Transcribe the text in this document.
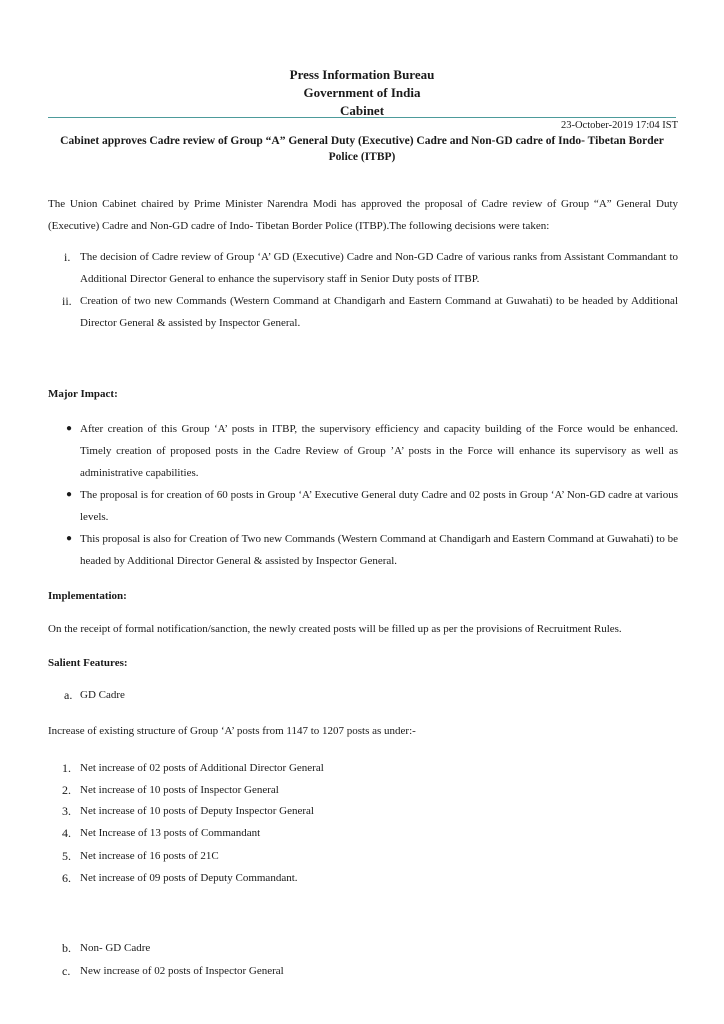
Press Information Bureau
Government of India
Cabinet
23-October-2019 17:04 IST
Cabinet approves Cadre review of Group “A” General Duty (Executive) Cadre and Non-GD cadre of Indo- Tibetan Border Police (ITBP)
The Union Cabinet chaired by Prime Minister Narendra Modi has approved the proposal of Cadre review of Group “A” General Duty (Executive) Cadre and Non-GD cadre of Indo- Tibetan Border Police (ITBP).The following decisions were taken:
i. The decision of Cadre review of Group ‘A’ GD (Executive) Cadre and Non-GD Cadre of various ranks from Assistant Commandant to Additional Director General to enhance the supervisory staff in Senior Duty posts of ITBP.
ii. Creation of two new Commands (Western Command at Chandigarh and Eastern Command at Guwahati) to be headed by Additional Director General & assisted by Inspector General.
Major Impact:
● After creation of this Group ‘A’ posts in ITBP, the supervisory efficiency and capacity building of the Force would be enhanced. Timely creation of proposed posts in the Cadre Review of Group ’A’ posts in the Force will enhance its supervisory as well as administrative capabilities.
● The proposal is for creation of 60 posts in Group ‘A’ Executive General duty Cadre and 02 posts in Group ‘A’ Non-GD cadre at various levels.
● This proposal is also for Creation of Two new Commands (Western Command at Chandigarh and Eastern Command at Guwahati) to be headed by Additional Director General & assisted by Inspector General.
Implementation:
On the receipt of formal notification/sanction, the newly created posts will be filled up as per the provisions of Recruitment Rules.
Salient Features:
a. GD Cadre
Increase of existing structure of Group ‘A’ posts from 1147 to 1207 posts as under:-
1. Net increase of 02 posts of Additional Director General
2. Net increase of 10 posts of Inspector General
3. Net increase of 10 posts of Deputy Inspector General
4. Net Increase of 13 posts of Commandant
5. Net increase of 16 posts of 21C
6. Net increase of 09 posts of Deputy Commandant.
b. Non- GD Cadre
c. New increase of 02 posts of Inspector General
